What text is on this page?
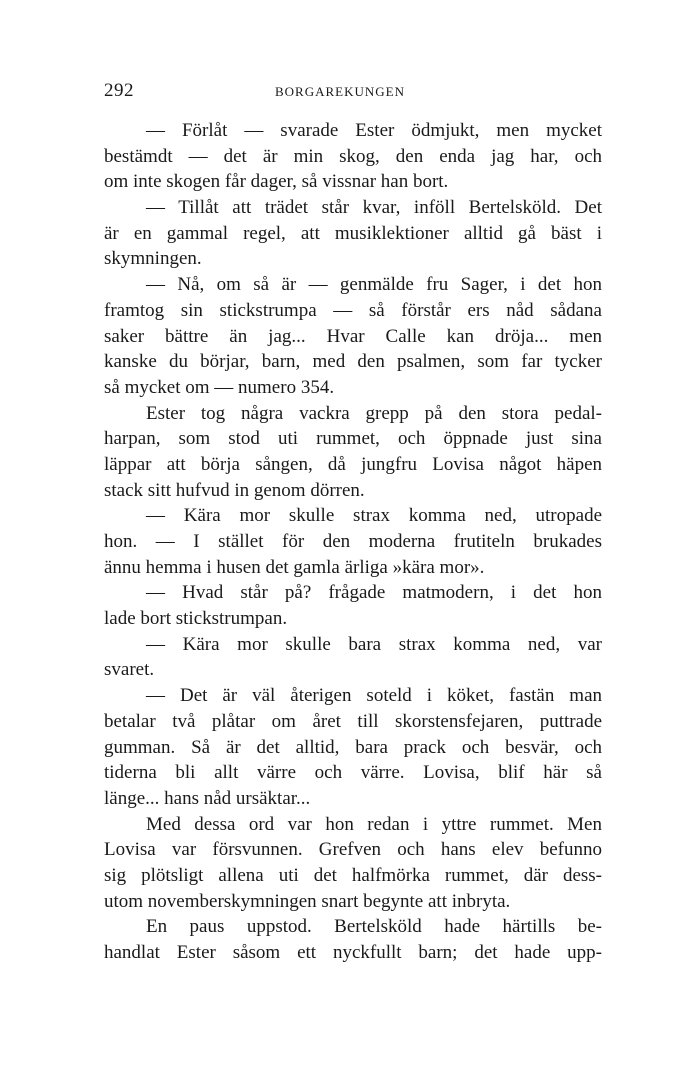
292	BORGAREKUNGEN
— Förlåt — svarade Ester ödmjukt, men mycket
bestämdt — det är min skog, den enda jag har, och
om inte skogen får dager, så vissnar han bort.
— Tillåt att trädet står kvar, inföll Bertelsköld. Det
är en gammal regel, att musiklektioner alltid gå bäst i
skymningen.
— Nå, om så är — genmälde fru Sager, i det hon
framtog sin stickstrumpa — så förstår ers nåd sådana
saker bättre än jag... Hvar Calle kan dröja... men
kanske du börjar, barn, med den psalmen, som far tycker
så mycket om — numero 354.
Ester tog några vackra grepp på den stora pedal-
harpan, som stod uti rummet, och öppnade just sina
läppar att börja sången, då jungfru Lovisa något häpen
stack sitt hufvud in genom dörren.
— Kära mor skulle strax komma ned, utropade
hon. — I stället för den moderna frutiteln brukades
ännu hemma i husen det gamla ärliga »kära mor».
— Hvad står på? frågade matmodern, i det hon
lade bort stickstrumpan.
— Kära mor skulle bara strax komma ned, var
svaret.
— Det är väl återigen soteld i köket, fastän man
betalar två plåtar om året till skorstensfejaren, puttrade
gumman. Så är det alltid, bara prack och besvär, och
tiderna bli allt värre och värre. Lovisa, blif här så
länge... hans nåd ursäktar...
Med dessa ord var hon redan i yttre rummet. Men
Lovisa var försvunnen. Grefven och hans elev befunno
sig plötsligt allena uti det halfmörka rummet, där dess-
utom novemberskymningen snart begynte att inbryta.
En paus uppstod. Bertelsköld hade härtills be-
handlat Ester såsom ett nyckfullt barn; det hade upp-
